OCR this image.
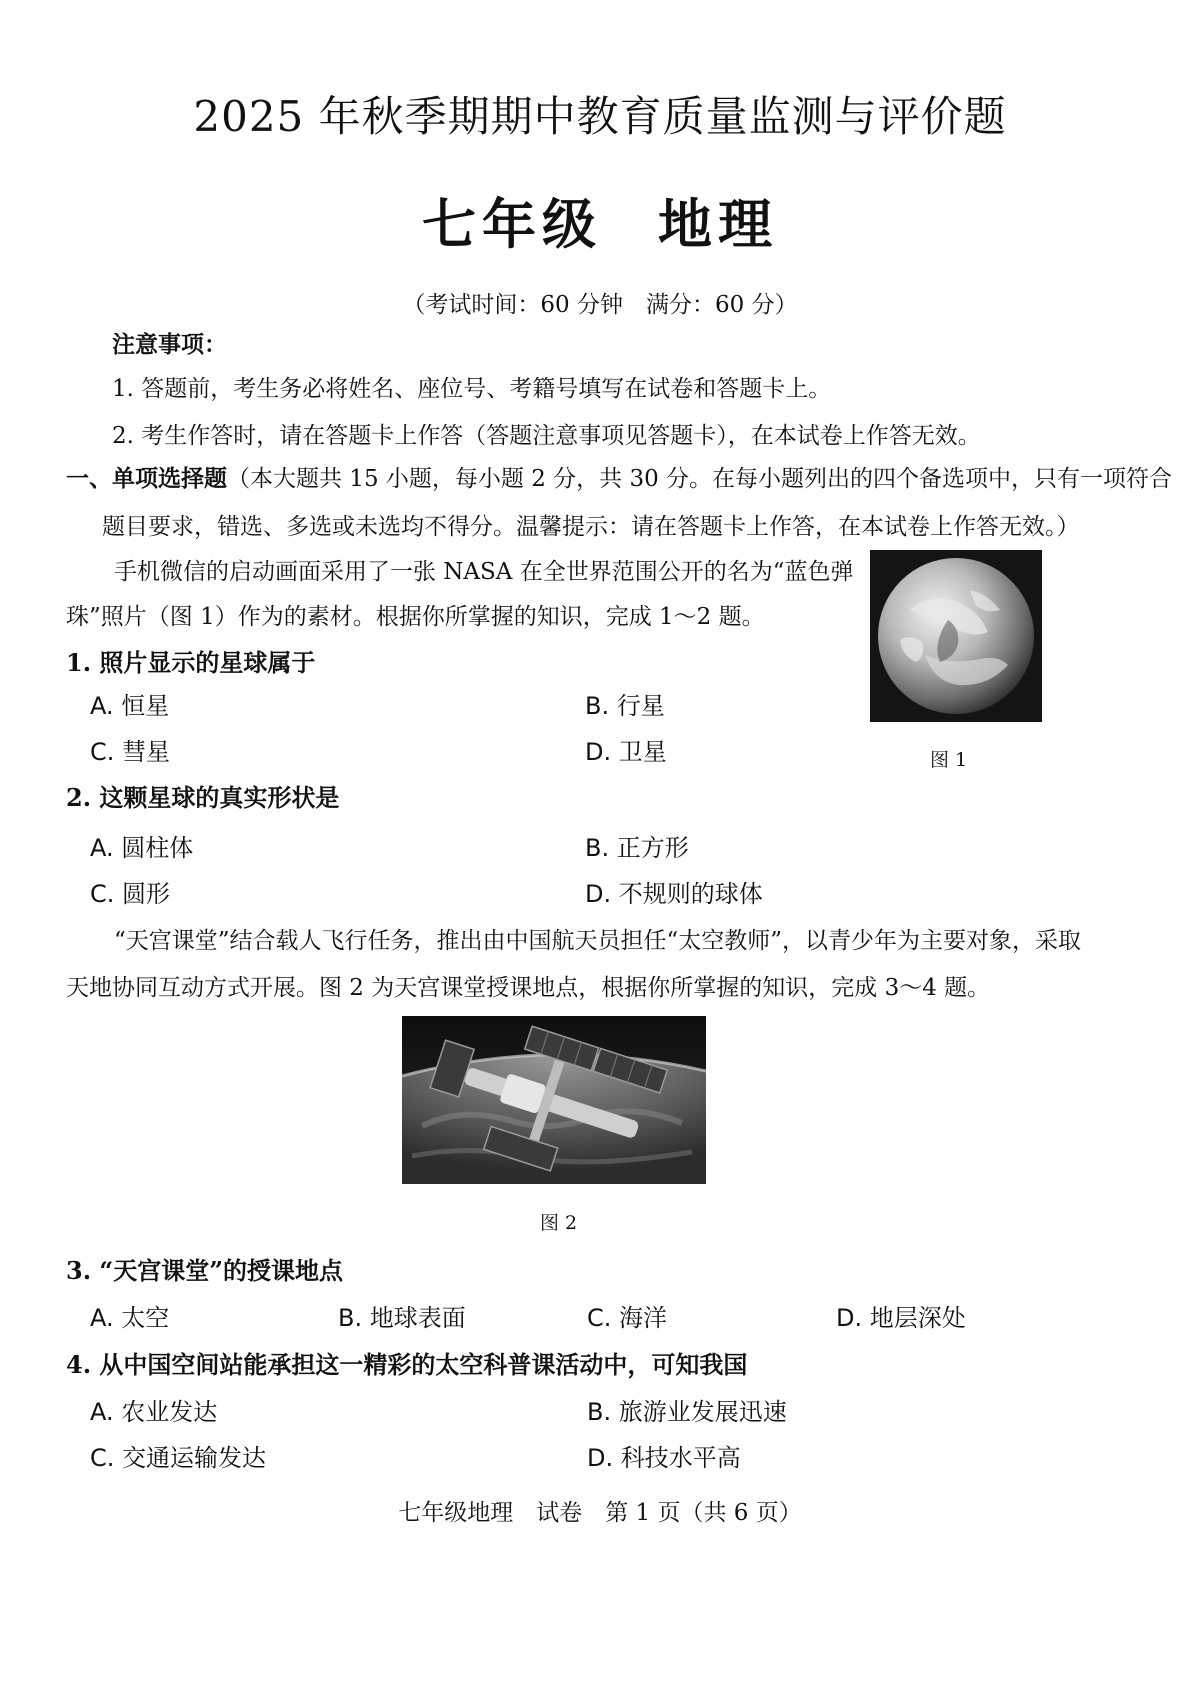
2025 年秋季期期中教育质量监测与评价题
七年级 地理
（考试时间：60 分钟　满分：60 分）
注意事项：
1. 答题前，考生务必将姓名、座位号、考籍号填写在试卷和答题卡上。
2. 考生作答时，请在答题卡上作答（答题注意事项见答题卡），在本试卷上作答无效。
一、单项选择题（本大题共 15 小题，每小题 2 分，共 30 分。在每小题列出的四个备选项中，只有一项符合
题目要求，错选、多选或未选均不得分。温馨提示：请在答题卡上作答，在本试卷上作答无效。）
手机微信的启动画面采用了一张 NASA 在全世界范围公开的名为“蓝色弹
珠”照片（图 1）作为的素材。根据你所掌握的知识，完成 1～2 题。
图 1
1. 照片显示的星球属于
A. 恒星	B. 行星
C. 彗星	D. 卫星
2. 这颗星球的真实形状是
A. 圆柱体	B. 正方形
C. 圆形	D. 不规则的球体
“天宫课堂”结合载人飞行任务，推出由中国航天员担任“太空教师”，以青少年为主要对象，采取
天地协同互动方式开展。图 2 为天宫课堂授课地点，根据你所掌握的知识，完成 3～4 题。
图 2
3. “天宫课堂”的授课地点
A. 太空	B. 地球表面	C. 海洋	D. 地层深处
4. 从中国空间站能承担这一精彩的太空科普课活动中，可知我国
A. 农业发达	B. 旅游业发展迅速
C. 交通运输发达	D. 科技水平高
七年级地理　试卷　第 1 页（共 6 页）
